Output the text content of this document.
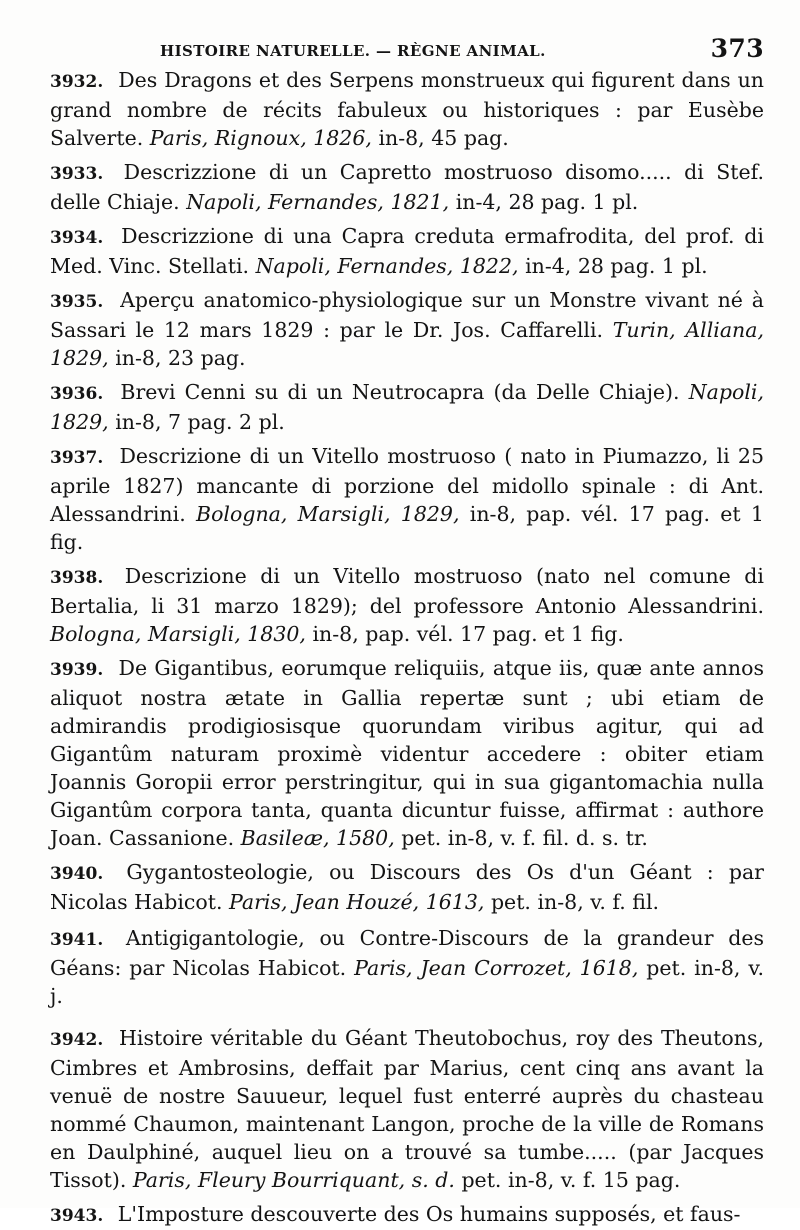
HISTOIRE NATURELLE. — RÈGNE ANIMAL.	373

3932. Des Dragons et des Serpens monstrueux qui figurent dans un grand nombre de récits fabuleux ou historiques : par Eusèbe Salverte. Paris, Rignoux, 1826, in-8, 45 pag.

3933. Descrizzione di un Capretto mostruoso disomo..... di Stef. delle Chiaje. Napoli, Fernandes, 1821, in-4, 28 pag. 1 pl.

3934. Descrizzione di una Capra creduta ermafrodita, del prof. di Med. Vinc. Stellati. Napoli, Fernandes, 1822, in-4, 28 pag. 1 pl.

3935. Aperçu anatomico-physiologique sur un Monstre vivant né à Sassari le 12 mars 1829 : par le Dr. Jos. Caffarelli. Turin, Alliana, 1829, in-8, 23 pag.

3936. Brevi Cenni su di un Neutrocapra (da Delle Chiaje). Napoli, 1829, in-8, 7 pag. 2 pl.

3937. Descrizione di un Vitello mostruoso ( nato in Piumazzo, li 25 aprile 1827) mancante di porzione del midollo spinale : di Ant. Alessandrini. Bologna, Marsigli, 1829, in-8, pap. vél. 17 pag. et 1 fig.

3938. Descrizione di un Vitello mostruoso (nato nel comune di Bertalia, li 31 marzo 1829); del professore Antonio Alessandrini. Bologna, Marsigli, 1830, in-8, pap. vél. 17 pag. et 1 fig.

3939. De Gigantibus, eorumque reliquiis, atque iis, quæ ante annos aliquot nostra ætate in Gallia repertæ sunt ; ubi etiam de admirandis prodigiosisque quorundam viribus agitur, qui ad Gigantûm naturam proximè videntur accedere : obiter etiam Joannis Goropii error perstringitur, qui in sua gigantomachia nulla Gigantûm corpora tanta, quanta dicuntur fuisse, affirmat : authore Joan. Cassanione. Basileæ, 1580, pet. in-8, v. f. fil. d. s. tr.

3940. Gygantosteologie, ou Discours des Os d'un Géant : par Nicolas Habicot. Paris, Jean Houzé, 1613, pet. in-8, v. f. fil.

3941. Antigigantologie, ou Contre-Discours de la grandeur des Géans: par Nicolas Habicot. Paris, Jean Corrozet, 1618, pet. in-8, v. j.

3942. Histoire véritable du Géant Theutobochus, roy des Theutons, Cimbres et Ambrosins, deffait par Marius, cent cinq ans avant la venuë de nostre Sauueur, lequel fust enterré auprès du chasteau nommé Chaumon, maintenant Langon, proche de la ville de Romans en Daulphiné, auquel lieu on a trouvé sa tumbe..... (par Jacques Tissot). Paris, Fleury Bourriquant, s. d. pet. in-8, v. f. 15 pag.

3943. L'Imposture descouverte des Os humains supposés, et faus-
